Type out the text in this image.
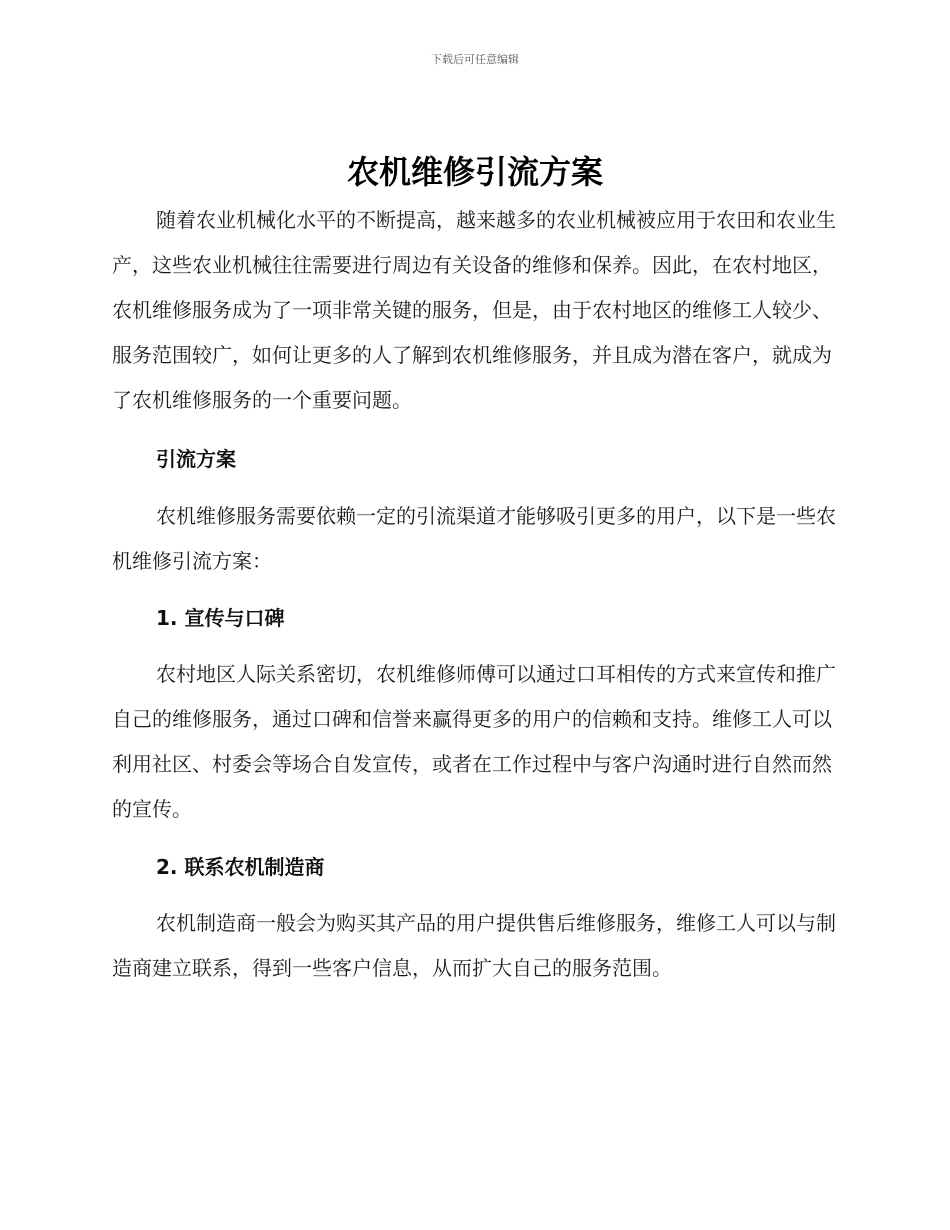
下载后可任意编辑
农机维修引流方案

随着农业机械化水平的不断提高，越来越多的农业机械被应用于农田和农业生产，这些农业机械往往需要进行周边有关设备的维修和保养。因此，在农村地区，农机维修服务成为了一项非常关键的服务，但是，由于农村地区的维修工人较少、服务范围较广，如何让更多的人了解到农机维修服务，并且成为潜在客户，就成为了农机维修服务的一个重要问题。

引流方案

农机维修服务需要依赖一定的引流渠道才能够吸引更多的用户，以下是一些农机维修引流方案：

1. 宣传与口碑

农村地区人际关系密切，农机维修师傅可以通过口耳相传的方式来宣传和推广自己的维修服务，通过口碑和信誉来赢得更多的用户的信赖和支持。维修工人可以利用社区、村委会等场合自发宣传，或者在工作过程中与客户沟通时进行自然而然的宣传。

2. 联系农机制造商

农机制造商一般会为购买其产品的用户提供售后维修服务，维修工人可以与制造商建立联系，得到一些客户信息，从而扩大自己的服务范围。
